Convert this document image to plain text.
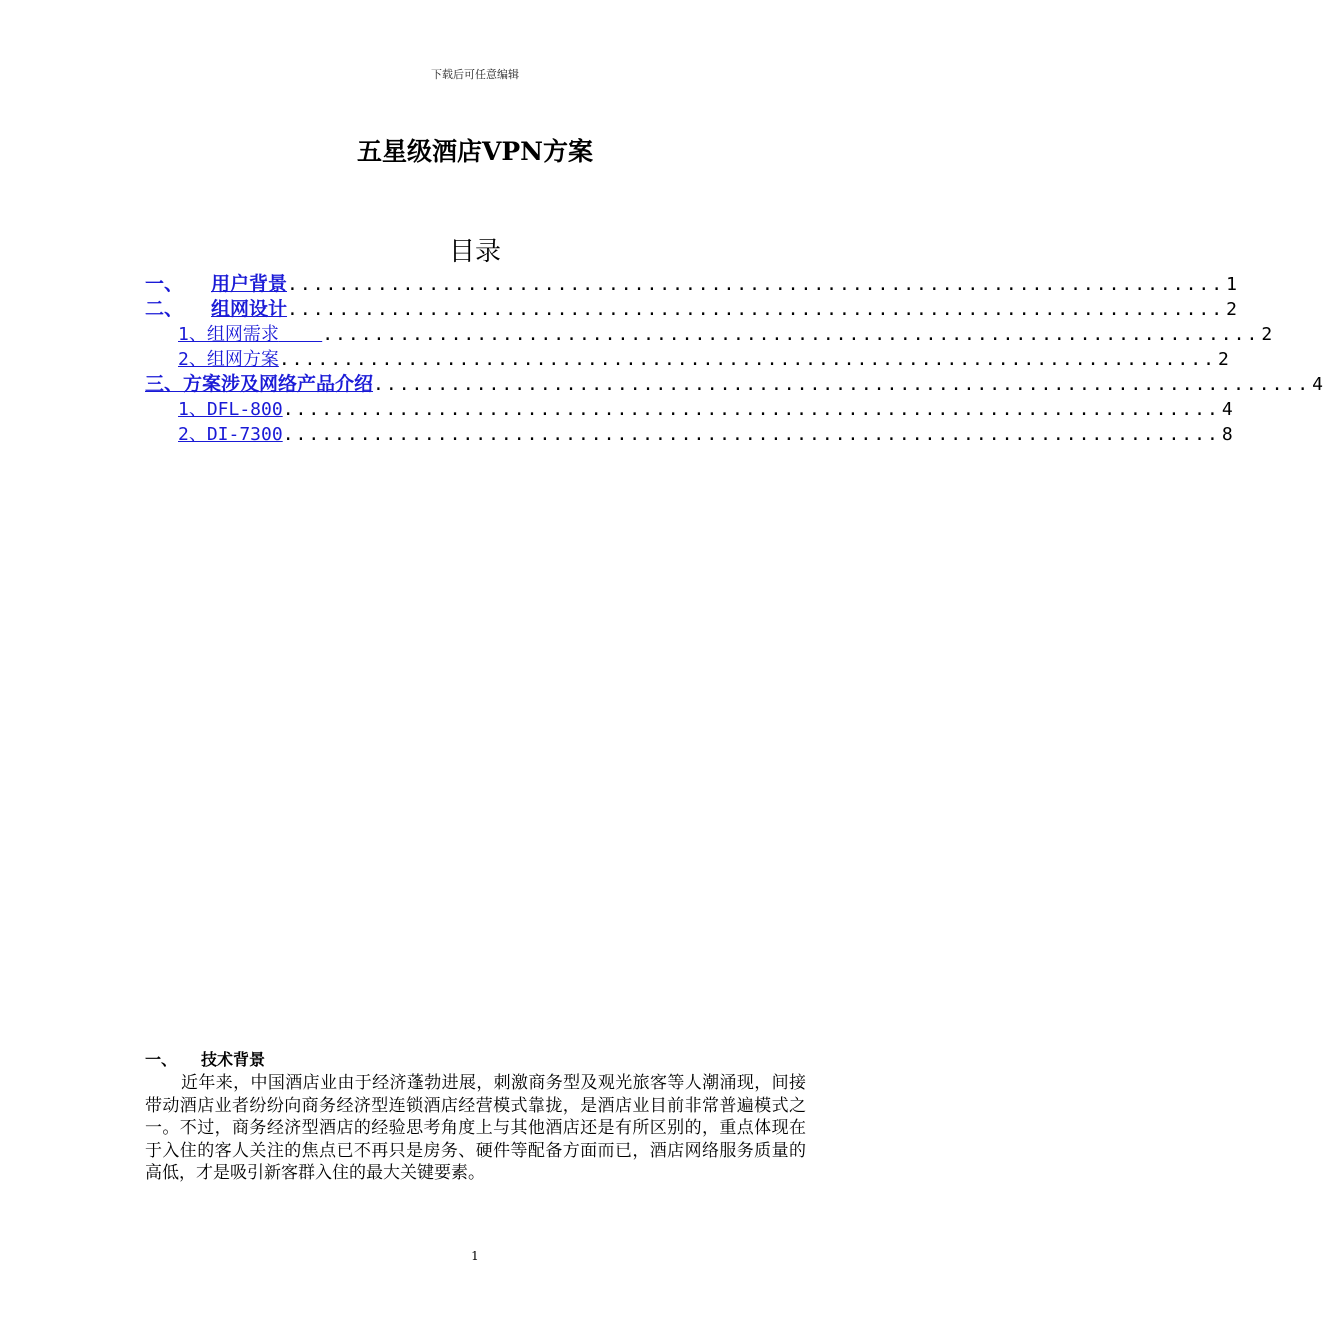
下载后可任意编辑
五星级酒店VPN方案
目录
一、 用户背景 ......................................................................... 1
二、 组网设计 ......................................................................... 2
1、组网需求	......................................................................... 2
2、组网方案 ......................................................................... 2
三、方案涉及网络产品介绍 ......................................................................... 4
1、DFL-800 ......................................................................... 4
2、DI-7300 ......................................................................... 8
一、 技术背景
近年来，中国酒店业由于经济蓬勃进展，刺激商务型及观光旅客等人潮涌现，间接带动酒店业者纷纷向商务经济型连锁酒店经营模式靠拢，是酒店业目前非常普遍模式之一。不过，商务经济型酒店的经验思考角度上与其他酒店还是有所区别的，重点体现在于入住的客人关注的焦点已不再只是房务、硬件等配备方面而已，酒店网络服务质量的高低，才是吸引新客群入住的最大关键要素。
1
